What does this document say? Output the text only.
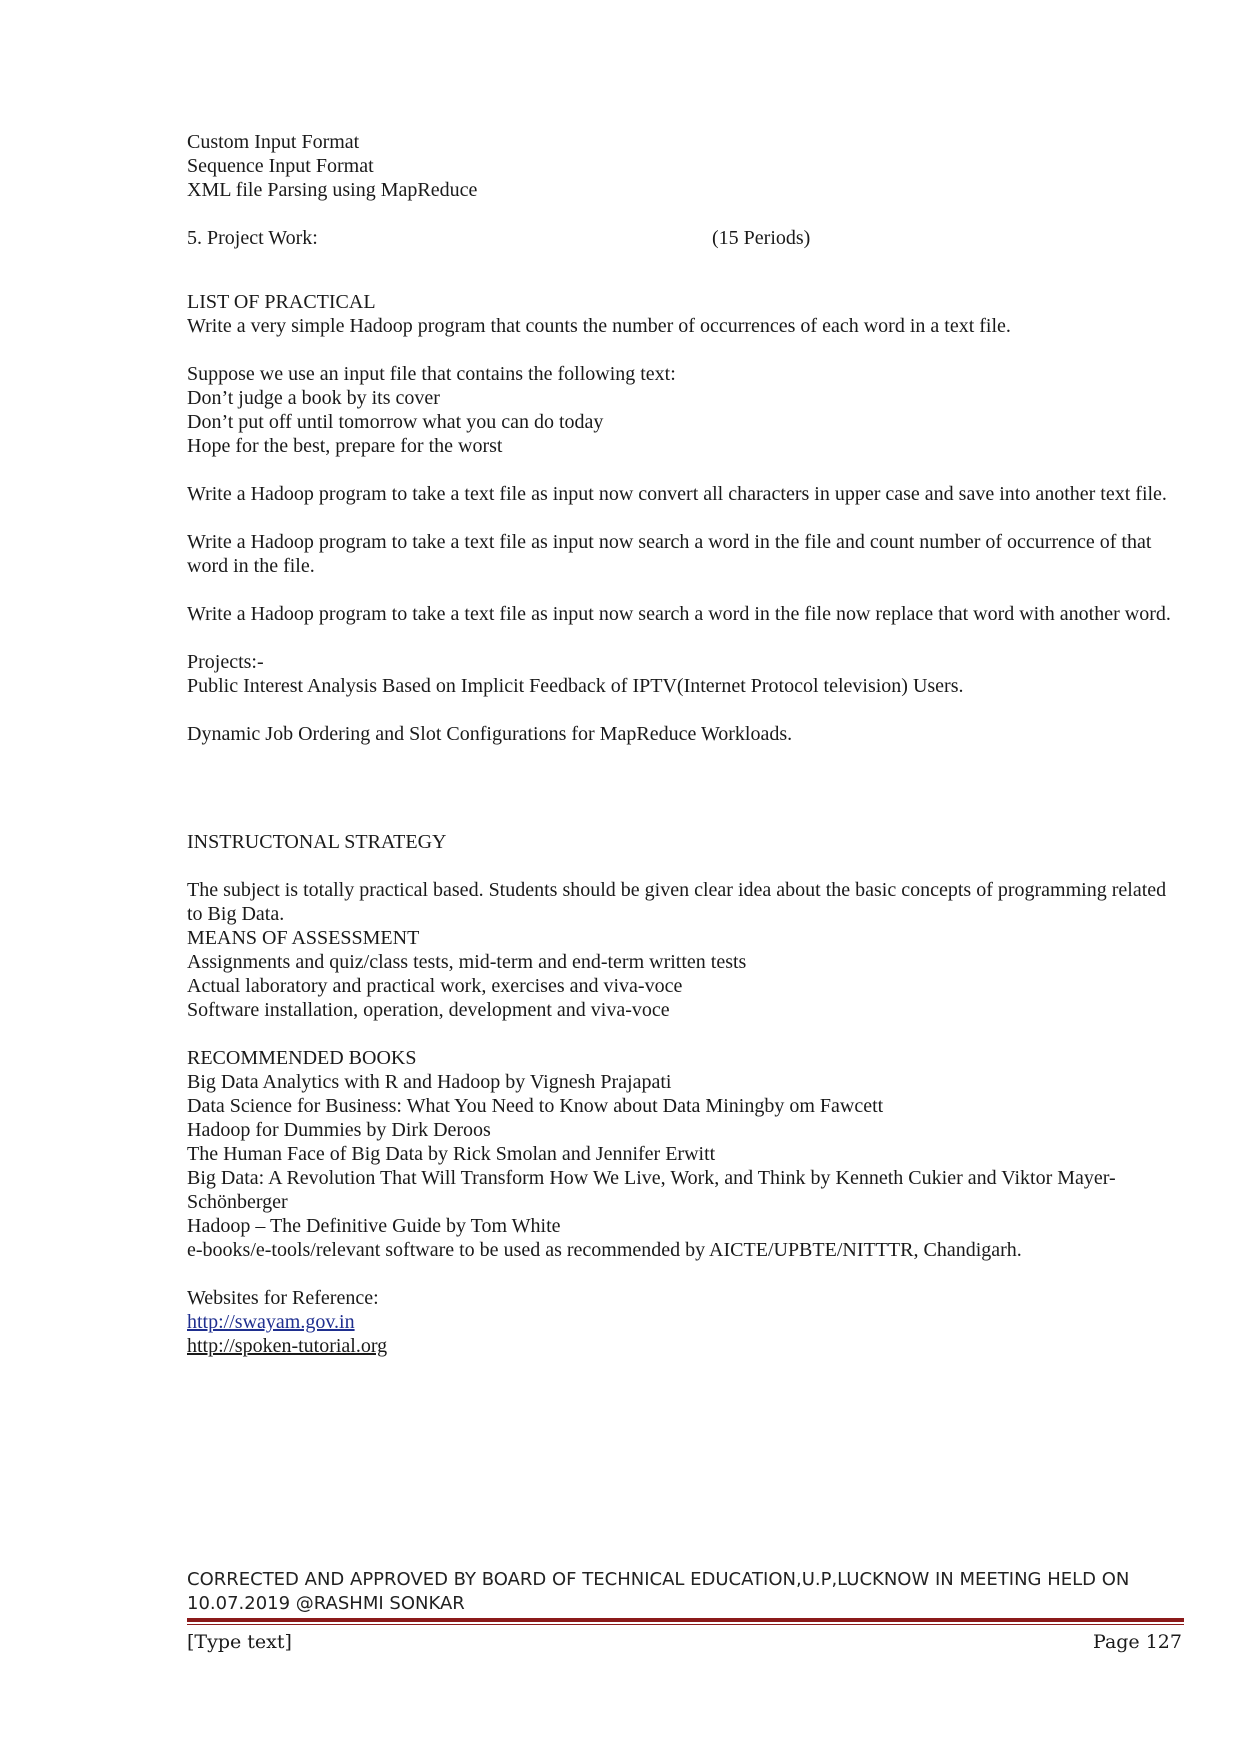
Custom Input Format
Sequence Input Format
XML file Parsing using MapReduce
5. Project Work:	(15 Periods)
LIST OF PRACTICAL
Write a very simple Hadoop program that counts the number of occurrences of each word in a text file.
Suppose we use an input file that contains the following text:
Don’t judge a book by its cover
Don’t put off until tomorrow what you can do today
Hope for the best, prepare for the worst
Write a Hadoop program to take a text file as input now convert all characters in upper case and save into another text file.
Write a Hadoop program to take a text file as input now search a word in the file and count number of occurrence of that word in the file.
Write a Hadoop program to take a text file as input now search a word in the file now replace that word with another word.
Projects:-
Public Interest Analysis Based on Implicit Feedback of IPTV(Internet Protocol television) Users.
Dynamic Job Ordering and Slot Configurations for MapReduce Workloads.
INSTRUCTONAL STRATEGY
The subject is totally practical based. Students should be given clear idea about the basic concepts of programming related to Big Data.
MEANS OF ASSESSMENT
Assignments and quiz/class tests, mid-term and end-term written tests
Actual laboratory and practical work, exercises and viva-voce
Software installation, operation, development and viva-voce
RECOMMENDED BOOKS
Big Data Analytics with R and Hadoop by Vignesh Prajapati
Data Science for Business: What You Need to Know about Data Miningby om Fawcett
Hadoop for Dummies by Dirk Deroos
The Human Face of Big Data by Rick Smolan and Jennifer Erwitt
Big Data: A Revolution That Will Transform How We Live, Work, and Think by Kenneth Cukier and Viktor Mayer-Schönberger
Hadoop – The Definitive Guide by Tom White
e-books/e-tools/relevant software to be used as recommended by AICTE/UPBTE/NITTTR, Chandigarh.
Websites for Reference:
http://swayam.gov.in
http://spoken-tutorial.org
CORRECTED AND APPROVED BY BOARD OF TECHNICAL EDUCATION,U.P,LUCKNOW IN MEETING HELD ON 10.07.2019 @RASHMI SONKAR
[Type text]	Page 127
